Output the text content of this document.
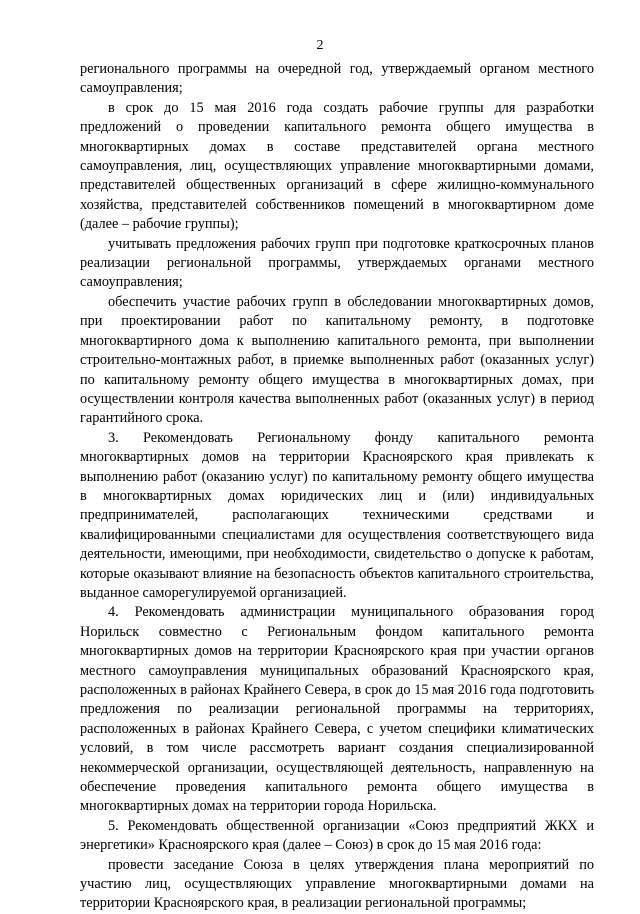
2

регионального программы на очередной год, утверждаемый органом местного самоуправления;

в срок до 15 мая 2016 года создать рабочие группы для разработки предложений о проведении капитального ремонта общего имущества в многоквартирных домах в составе представителей органа местного самоуправления, лиц, осуществляющих управление многоквартирными домами, представителей общественных организаций в сфере жилищно-коммунального хозяйства, представителей собственников помещений в многоквартирном доме (далее – рабочие группы);

учитывать предложения рабочих групп при подготовке краткосрочных планов реализации региональной программы, утверждаемых органами местного самоуправления;

обеспечить участие рабочих групп в обследовании многоквартирных домов, при проектировании работ по капитальному ремонту, в подготовке многоквартирного дома к выполнению капитального ремонта, при выполнении строительно-монтажных работ, в приемке выполненных работ (оказанных услуг) по капитальному ремонту общего имущества в многоквартирных домах, при осуществлении контроля качества выполненных работ (оказанных услуг) в период гарантийного срока.

3. Рекомендовать Региональному фонду капитального ремонта многоквартирных домов на территории Красноярского края привлекать к выполнению работ (оказанию услуг) по капитальному ремонту общего имущества в многоквартирных домах юридических лиц и (или) индивидуальных предпринимателей, располагающих техническими средствами и квалифицированными специалистами для осуществления соответствующего вида деятельности, имеющими, при необходимости, свидетельство о допуске к работам, которые оказывают влияние на безопасность объектов капитального строительства, выданное саморегулируемой организацией.

4. Рекомендовать администрации муниципального образования город Норильск совместно с Региональным фондом капитального ремонта многоквартирных домов на территории Красноярского края при участии органов местного самоуправления муниципальных образований Красноярского края, расположенных в районах Крайнего Севера, в срок до 15 мая 2016 года подготовить предложения по реализации региональной программы на территориях, расположенных в районах Крайнего Севера, с учетом специфики климатических условий, в том числе рассмотреть вариант создания специализированной некоммерческой организации, осуществляющей деятельность, направленную на обеспечение проведения капитального ремонта общего имущества в многоквартирных домах на территории города Норильска.

5. Рекомендовать общественной организации «Союз предприятий ЖКХ и энергетики» Красноярского края (далее – Союз) в срок до 15 мая 2016 года:

провести заседание Союза в целях утверждения плана мероприятий по участию лиц, осуществляющих управление многоквартирными домами на территории Красноярского края, в реализации региональной программы;
